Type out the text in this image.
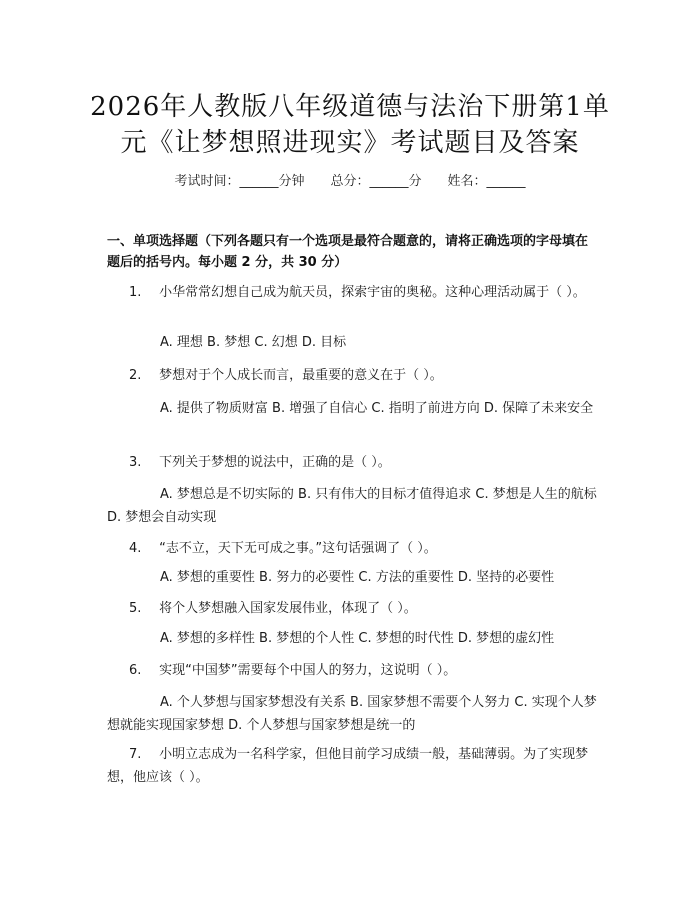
2026年人教版八年级道德与法治下册第1单
元《让梦想照进现实》考试题目及答案
考试时间：______分钟 总分：______分 姓名：______
一、单项选择题（下列各题只有一个选项是最符合题意的，请将正确选项的字母填在题后的括号内。每小题 2 分，共 30 分）
1. 小华常常幻想自己成为航天员，探索宇宙的奥秘。这种心理活动属于（ ）。
A. 理想 B. 梦想 C. 幻想 D. 目标
2. 梦想对于个人成长而言，最重要的意义在于（ ）。
A. 提供了物质财富 B. 增强了自信心 C. 指明了前进方向 D. 保障了未来安全
3. 下列关于梦想的说法中，正确的是（ ）。
A. 梦想总是不切实际的 B. 只有伟大的目标才值得追求 C. 梦想是人生的航标 D. 梦想会自动实现
4. “志不立，天下无可成之事。”这句话强调了（ ）。
A. 梦想的重要性 B. 努力的必要性 C. 方法的重要性 D. 坚持的必要性
5. 将个人梦想融入国家发展伟业，体现了（ ）。
A. 梦想的多样性 B. 梦想的个人性 C. 梦想的时代性 D. 梦想的虚幻性
6. 实现“中国梦”需要每个中国人的努力，这说明（ ）。
A. 个人梦想与国家梦想没有关系 B. 国家梦想不需要个人努力 C. 实现个人梦想就能实现国家梦想 D. 个人梦想与国家梦想是统一的
7. 小明立志成为一名科学家，但他目前学习成绩一般，基础薄弱。为了实现梦想，他应该（ ）。
